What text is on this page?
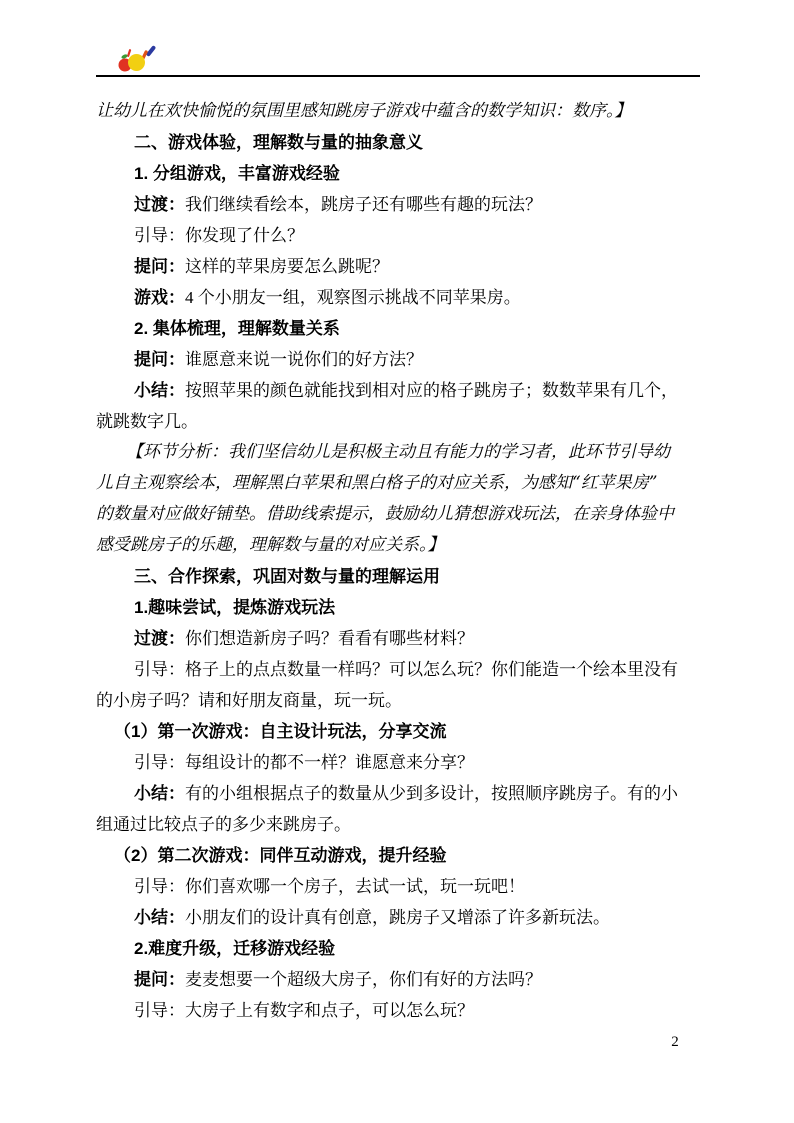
让幼儿在欢快愉悦的氛围里感知跳房子游戏中蕴含的数学知识：数序。】
二、游戏体验，理解数与量的抽象意义
1. 分组游戏，丰富游戏经验
过渡：我们继续看绘本，跳房子还有哪些有趣的玩法？
引导：你发现了什么？
提问：这样的苹果房要怎么跳呢？
游戏：4 个小朋友一组，观察图示挑战不同苹果房。
2. 集体梳理，理解数量关系
提问：谁愿意来说一说你们的好方法？
小结：按照苹果的颜色就能找到相对应的格子跳房子；数数苹果有几个，
就跳数字几。
【环节分析：我们坚信幼儿是积极主动且有能力的学习者，此环节引导幼
儿自主观察绘本，理解黑白苹果和黑白格子的对应关系，为感知“红苹果房”
的数量对应做好铺垫。借助线索提示，鼓励幼儿猜想游戏玩法，在亲身体验中
感受跳房子的乐趣，理解数与量的对应关系。】
三、合作探索，巩固对数与量的理解运用
1.趣味尝试，提炼游戏玩法
过渡：你们想造新房子吗？看看有哪些材料？
引导：格子上的点点数量一样吗？可以怎么玩？你们能造一个绘本里没有
的小房子吗？请和好朋友商量，玩一玩。
（1）第一次游戏：自主设计玩法，分享交流
引导：每组设计的都不一样？谁愿意来分享？
小结：有的小组根据点子的数量从少到多设计，按照顺序跳房子。有的小
组通过比较点子的多少来跳房子。
（2）第二次游戏：同伴互动游戏，提升经验
引导：你们喜欢哪一个房子，去试一试，玩一玩吧！
小结：小朋友们的设计真有创意，跳房子又增添了许多新玩法。
2.难度升级，迁移游戏经验
提问：麦麦想要一个超级大房子，你们有好的方法吗？
引导：大房子上有数字和点子，可以怎么玩？
2
